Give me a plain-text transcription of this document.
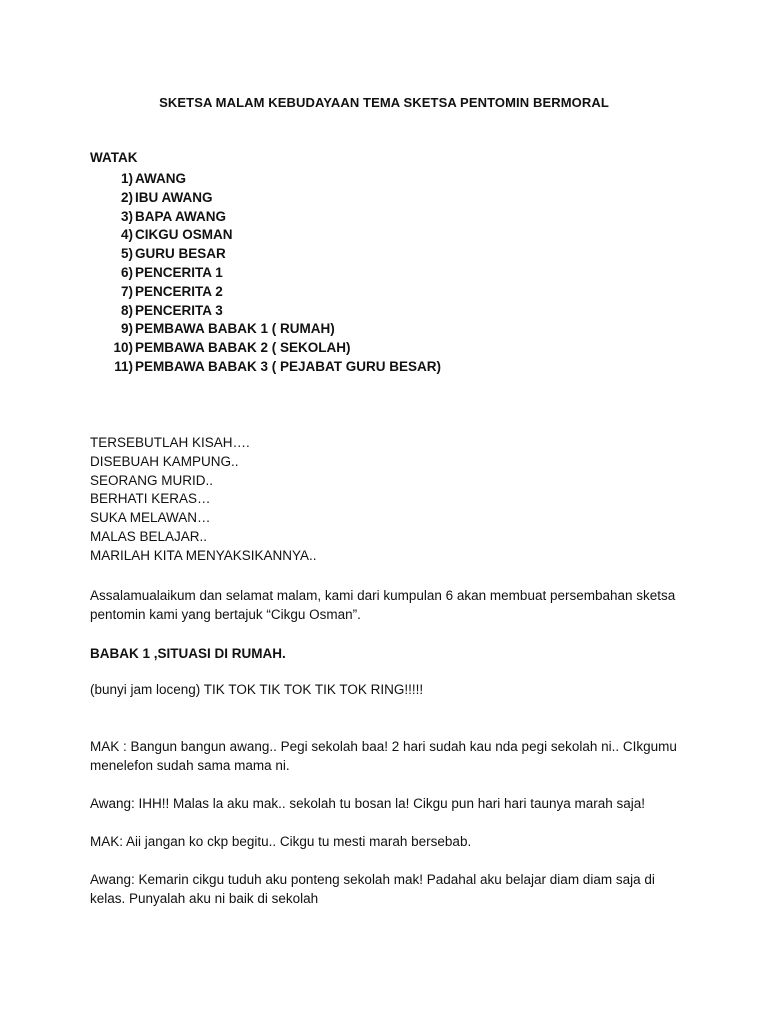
SKETSA MALAM KEBUDAYAAN TEMA SKETSA PENTOMIN BERMORAL
WATAK
1) AWANG
2) IBU AWANG
3) BAPA AWANG
4) CIKGU OSMAN
5) GURU BESAR
6) PENCERITA 1
7) PENCERITA 2
8) PENCERITA 3
9) PEMBAWA BABAK 1 ( RUMAH)
10) PEMBAWA BABAK 2 ( SEKOLAH)
11) PEMBAWA BABAK 3 ( PEJABAT GURU BESAR)
TERSEBUTLAH KISAH….
DISEBUAH KAMPUNG..
SEORANG MURID..
BERHATI KERAS…
SUKA MELAWAN…
MALAS BELAJAR..
MARILAH KITA MENYAKSIKANNYA..
Assalamualaikum dan selamat malam, kami dari kumpulan 6 akan membuat persembahan sketsa pentomin kami yang bertajuk “Cikgu Osman”.
BABAK 1 ,SITUASI DI RUMAH.
(bunyi jam loceng) TIK TOK TIK TOK TIK TOK RING!!!!!
MAK : Bangun bangun awang.. Pegi sekolah baa! 2 hari sudah kau nda pegi sekolah ni.. CIkgumu menelefon sudah sama mama ni.
Awang: IHH!! Malas la aku mak.. sekolah tu bosan la! Cikgu pun hari hari taunya marah saja!
MAK: Aii jangan ko ckp begitu.. Cikgu tu mesti marah bersebab.
Awang: Kemarin cikgu tuduh aku ponteng sekolah mak! Padahal aku belajar diam diam saja di kelas. Punyalah aku ni baik di sekolah
